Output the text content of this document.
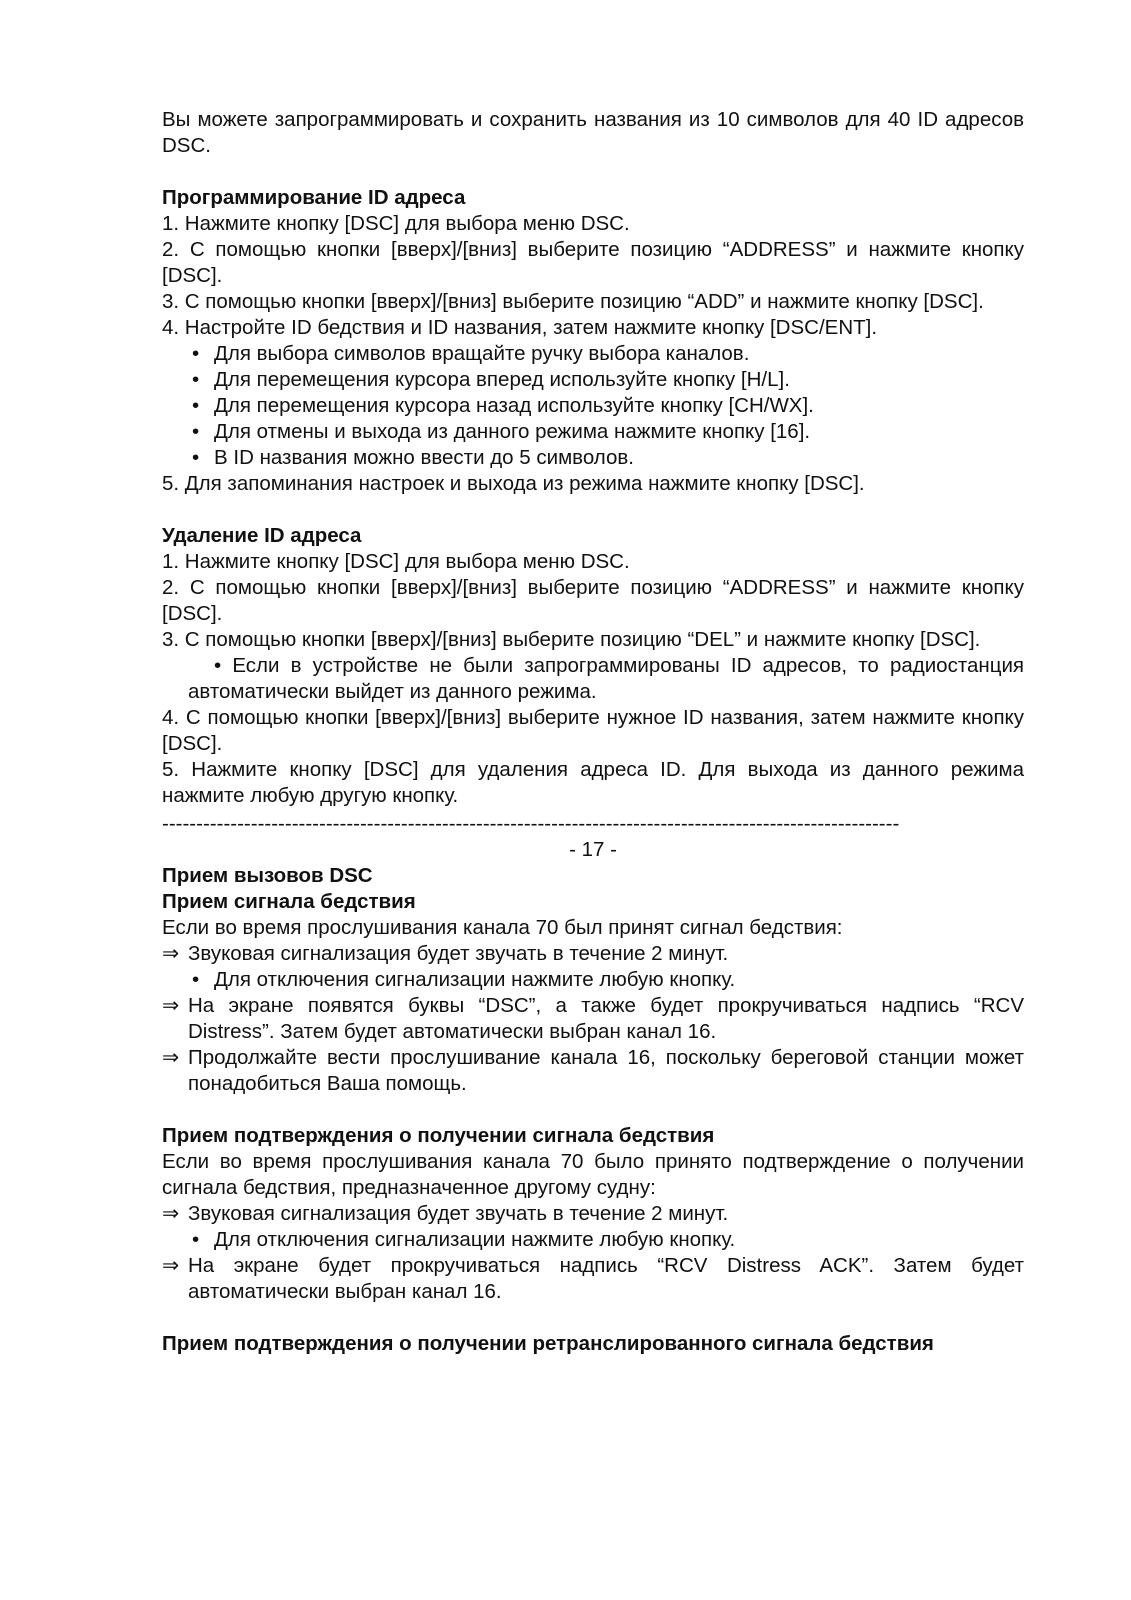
Вы можете запрограммировать и сохранить названия из 10 символов для 40 ID адресов DSC.

Программирование ID адреса

1. Нажмите кнопку [DSC] для выбора меню DSC.

2. С помощью кнопки [вверх]/[вниз] выберите позицию “ADDRESS” и нажмите кнопку [DSC].

3. С помощью кнопки [вверх]/[вниз] выберите позицию “ADD” и нажмите кнопку [DSC].

4. Настройте ID бедствия и ID названия, затем нажмите кнопку [DSC/ENT].

• Для выбора символов вращайте ручку выбора каналов.

• Для перемещения курсора вперед используйте кнопку [H/L].

• Для перемещения курсора назад используйте кнопку [CH/WX].

• Для отмены и выхода из данного режима нажмите кнопку [16].

• В ID названия можно ввести до 5 символов.

5. Для запоминания настроек и выхода из режима нажмите кнопку [DSC].

Удаление ID адреса

1. Нажмите кнопку [DSC] для выбора меню DSC.

2. С помощью кнопки [вверх]/[вниз] выберите позицию “ADDRESS” и нажмите кнопку [DSC].

3. С помощью кнопки [вверх]/[вниз] выберите позицию “DEL” и нажмите кнопку [DSC].

• Если в устройстве не были запрограммированы ID адресов, то радиостанция автоматически выйдет из данного режима.

4. С помощью кнопки [вверх]/[вниз] выберите нужное ID названия, затем нажмите кнопку [DSC].

5. Нажмите кнопку [DSC] для удаления адреса ID. Для выхода из данного режима нажмите любую другую кнопку.

------------------------------------------------------------------------------------------------------------

- 17 -

Прием вызовов DSC

Прием сигнала бедствия

Если во время прослушивания канала 70 был принят сигнал бедствия:

⇒ Звуковая сигнализация будет звучать в течение 2 минут.

• Для отключения сигнализации нажмите любую кнопку.

⇒ На экране появятся буквы “DSC”, а также будет прокручиваться надпись “RCV Distress”. Затем будет автоматически выбран канал 16.

⇒ Продолжайте вести прослушивание канала 16, поскольку береговой станции может понадобиться Ваша помощь.

Прием подтверждения о получении сигнала бедствия

Если во время прослушивания канала 70 было принято подтверждение о получении сигнала бедствия, предназначенное другому судну:

⇒ Звуковая сигнализация будет звучать в течение 2 минут.

• Для отключения сигнализации нажмите любую кнопку.

⇒ На экране будет прокручиваться надпись “RCV Distress ACK”. Затем будет автоматически выбран канал 16.

Прием подтверждения о получении ретранслированного сигнала бедствия
